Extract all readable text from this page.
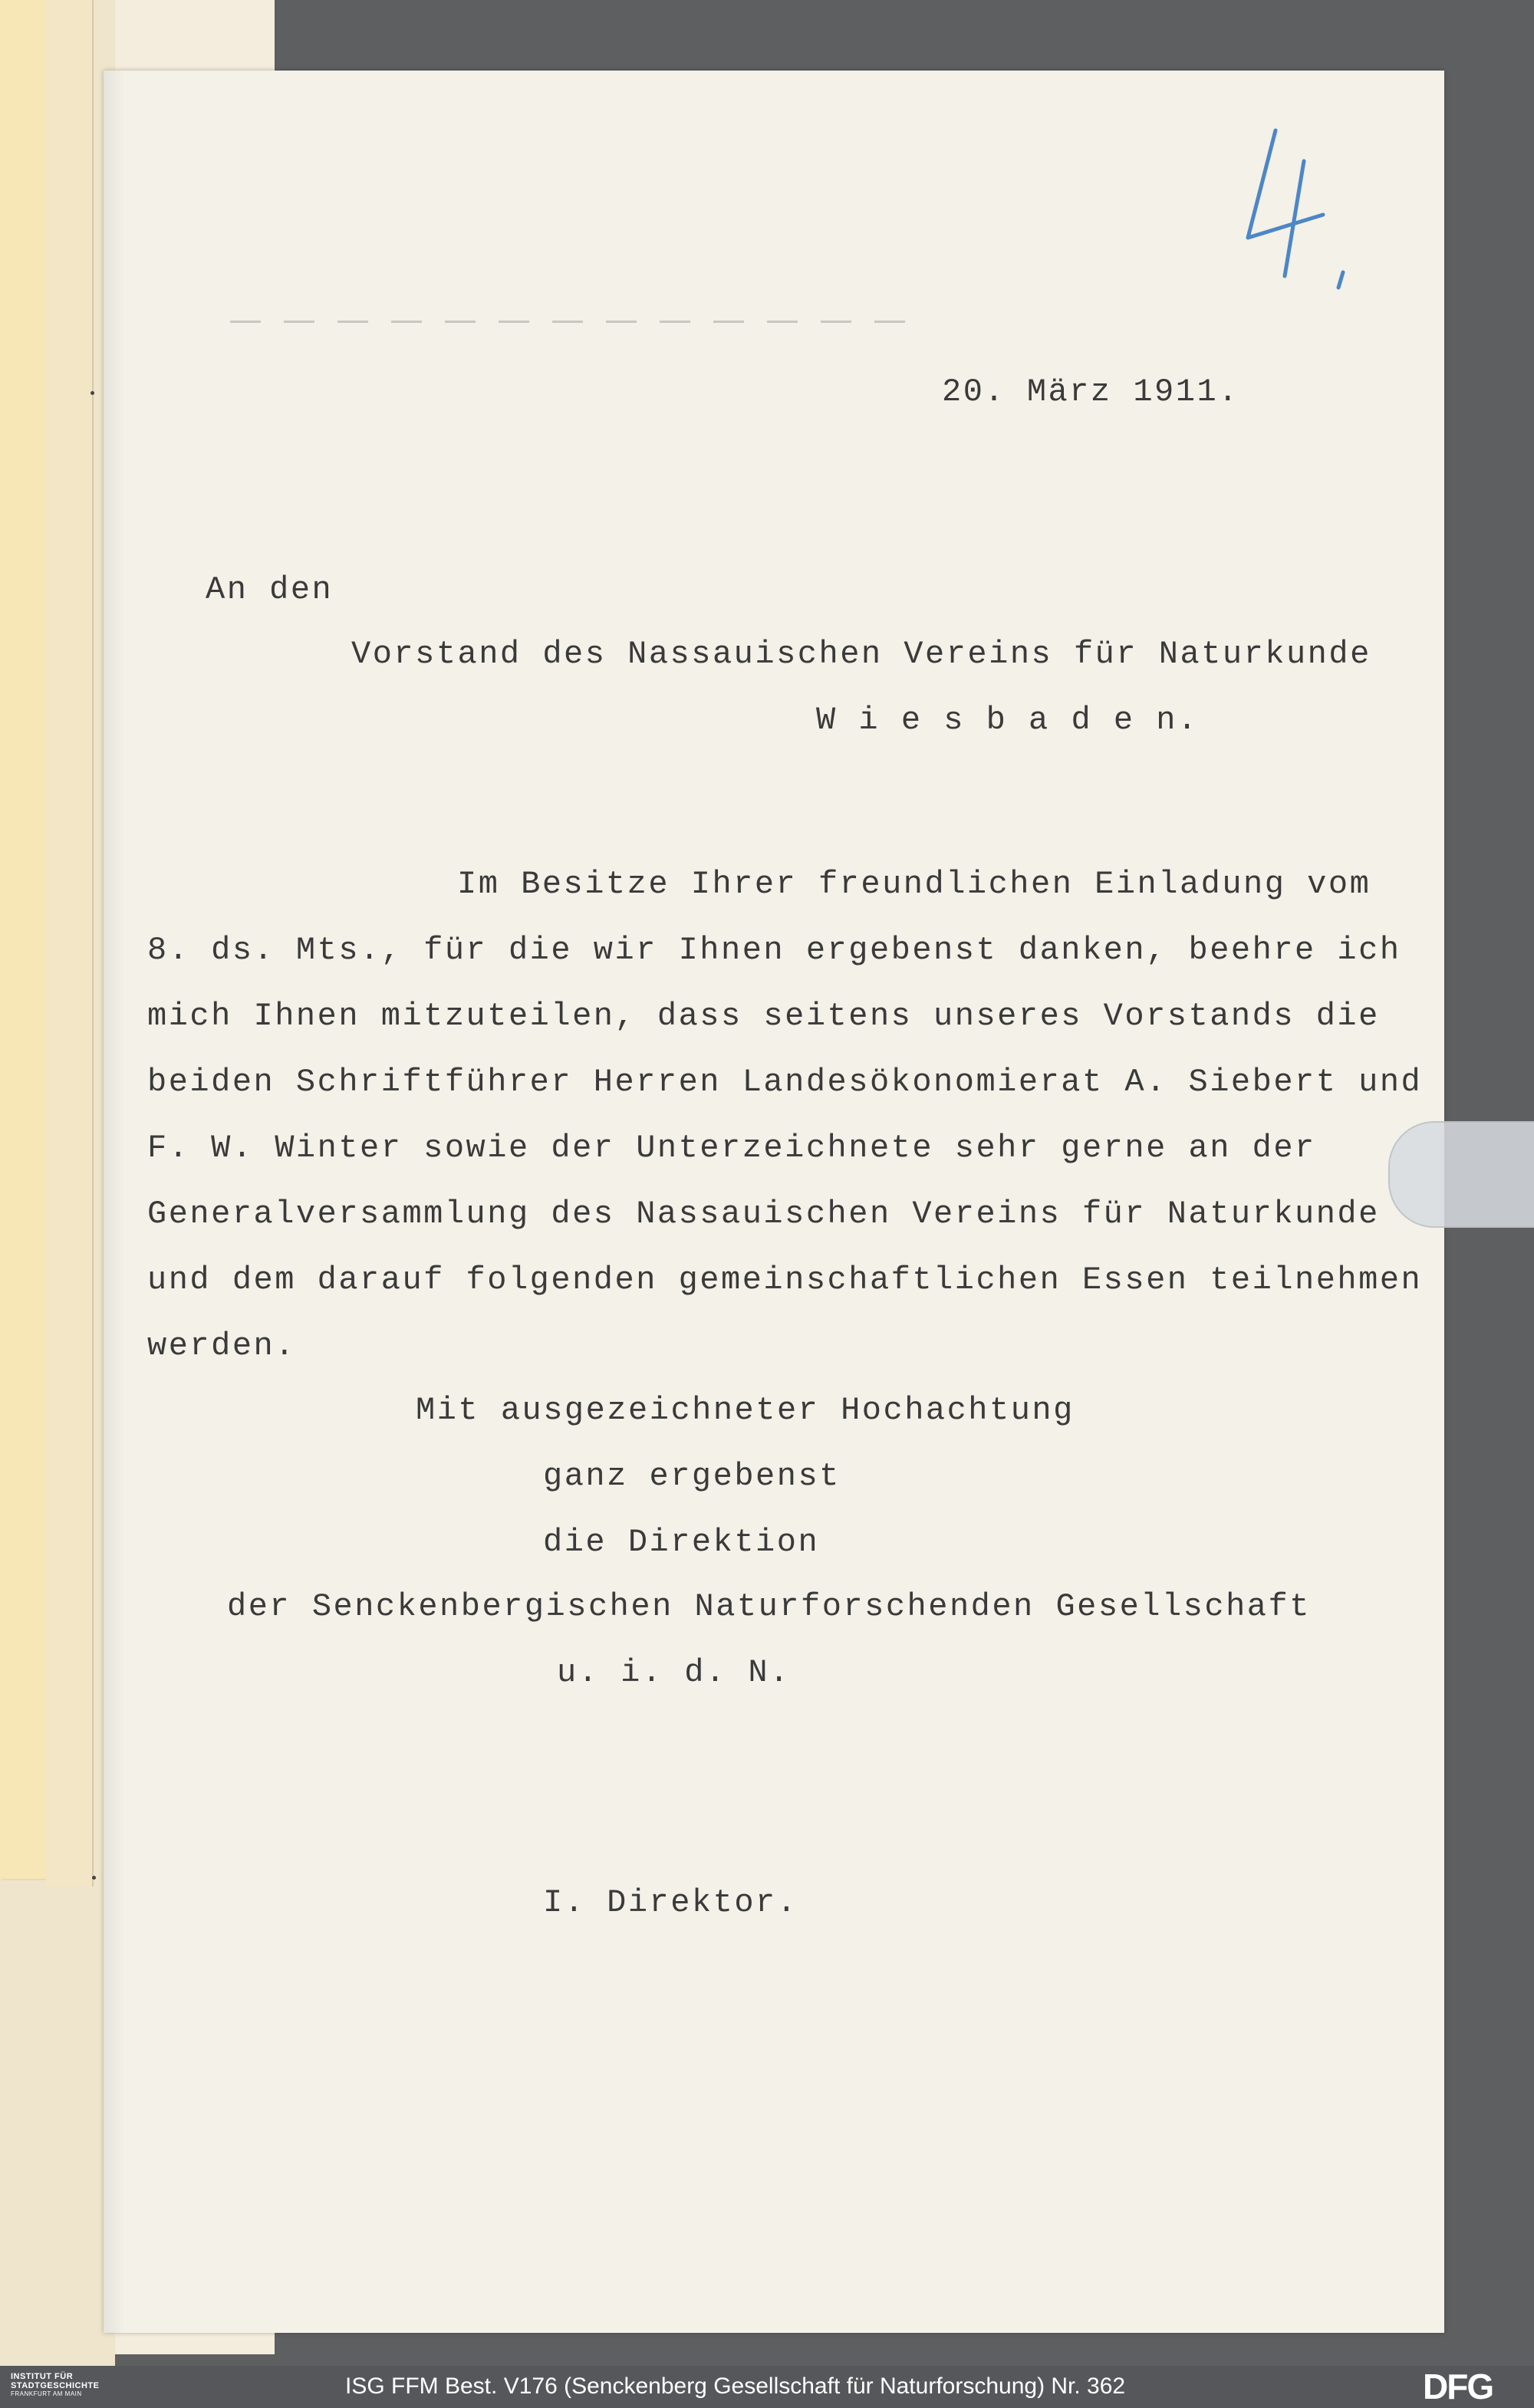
20. März 1911.

An den

Vorstand des Nassauischen Vereins für Naturkunde

W i e s b a d e n.

Im Besitze Ihrer freundlichen Einladung vom

8. ds. Mts., für die wir Ihnen ergebenst danken, beehre ich

mich Ihnen mitzuteilen, dass seitens unseres Vorstands die

beiden Schriftführer Herren Landesökonomierat A. Siebert und

F. W. Winter sowie der Unterzeichnete sehr gerne an der

Generalversammlung des Nassauischen Vereins für Naturkunde

und dem darauf folgenden gemeinschaftlichen Essen teilnehmen

werden.

Mit ausgezeichneter Hochachtung

ganz ergebenst

die Direktion

der Senckenbergischen Naturforschenden Gesellschaft

u. i. d. N.

I. Direktor.

INSTITUT FÜR
STADTGESCHICHTE
FRANKFURT AM MAIN	ISG FFM Best. V176 (Senckenberg Gesellschaft für Naturforschung) Nr. 362	DFG
